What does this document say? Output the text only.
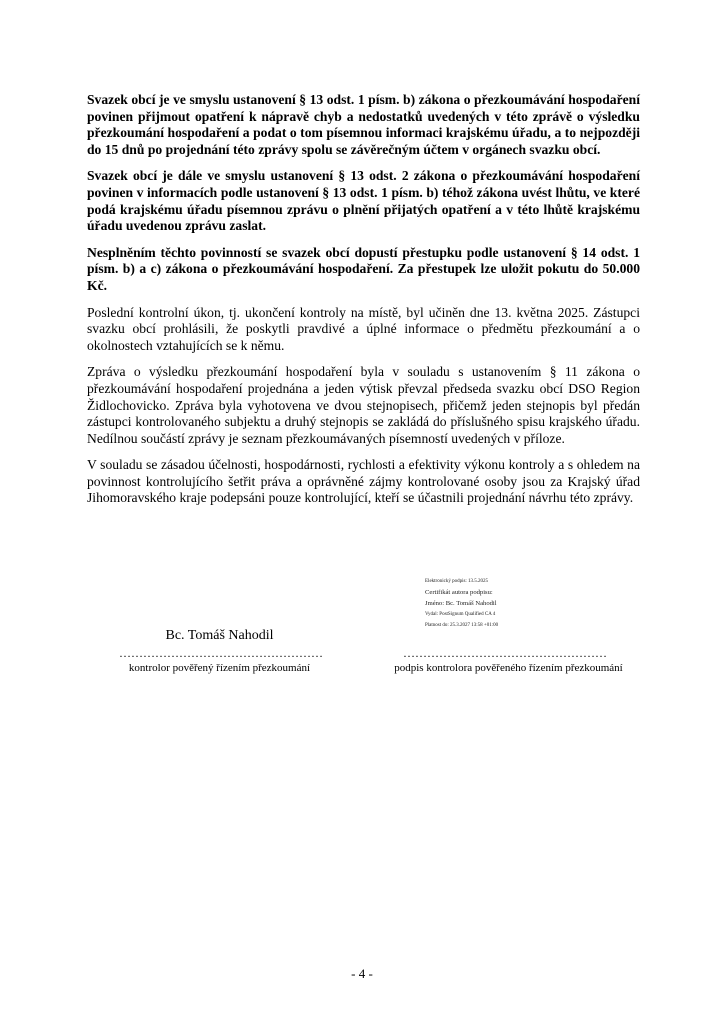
Svazek obcí je ve smyslu ustanovení § 13 odst. 1 písm. b) zákona o přezkoumávání hospodaření povinen přijmout opatření k nápravě chyb a nedostatků uvedených v této zprávě o výsledku přezkoumání hospodaření a podat o tom písemnou informaci krajskému úřadu, a to nejpozději do 15 dnů po projednání této zprávy spolu se závěrečným účtem v orgánech svazku obcí.

Svazek obcí je dále ve smyslu ustanovení § 13 odst. 2 zákona o přezkoumávání hospodaření povinen v informacích podle ustanovení § 13 odst. 1 písm. b) téhož zákona uvést lhůtu, ve které podá krajskému úřadu písemnou zprávu o plnění přijatých opatření a v této lhůtě krajskému úřadu uvedenou zprávu zaslat.

Nesplněním těchto povinností se svazek obcí dopustí přestupku podle ustanovení § 14 odst. 1 písm. b) a c) zákona o přezkoumávání hospodaření. Za přestupek lze uložit pokutu do 50.000 Kč.

Poslední kontrolní úkon, tj. ukončení kontroly na místě, byl učiněn dne 13. května 2025. Zástupci svazku obcí prohlásili, že poskytli pravdivé a úplné informace o předmětu přezkoumání a o okolnostech vztahujících se k němu.

Zpráva o výsledku přezkoumání hospodaření byla v souladu s ustanovením § 11 zákona o přezkoumávání hospodaření projednána a jeden výtisk převzal předseda svazku obcí DSO Region Židlochovicko. Zpráva byla vyhotovena ve dvou stejnopisech, přičemž jeden stejnopis byl předán zástupci kontrolovaného subjektu a druhý stejnopis se zakládá do příslušného spisu krajského úřadu. Nedílnou součástí zprávy je seznam přezkoumávaných písemností uvedených v příloze.

V souladu se zásadou účelnosti, hospodárnosti, rychlosti a efektivity výkonu kontroly a s ohledem na povinnost kontrolujícího šetřit práva a oprávněné zájmy kontrolované osoby jsou za Krajský úřad Jihomoravského kraje podepsáni pouze kontrolující, kteří se účastnili projednání návrhu této zprávy.

Bc. Tomáš Nahodil
……………………………………………
kontrolor pověřený řízením přezkoumání
Elektronický podpis: 13.5.2025
Certifikát autora podpisu:
Jméno: Bc. Tomáš Nahodil
Vydal: PostSignum Qualified CA 4
Platnost do: 25.3.2027 13:58 +01:00
……………………………………………
podpis kontrolora pověřeného řízením přezkoumání
- 4 -
